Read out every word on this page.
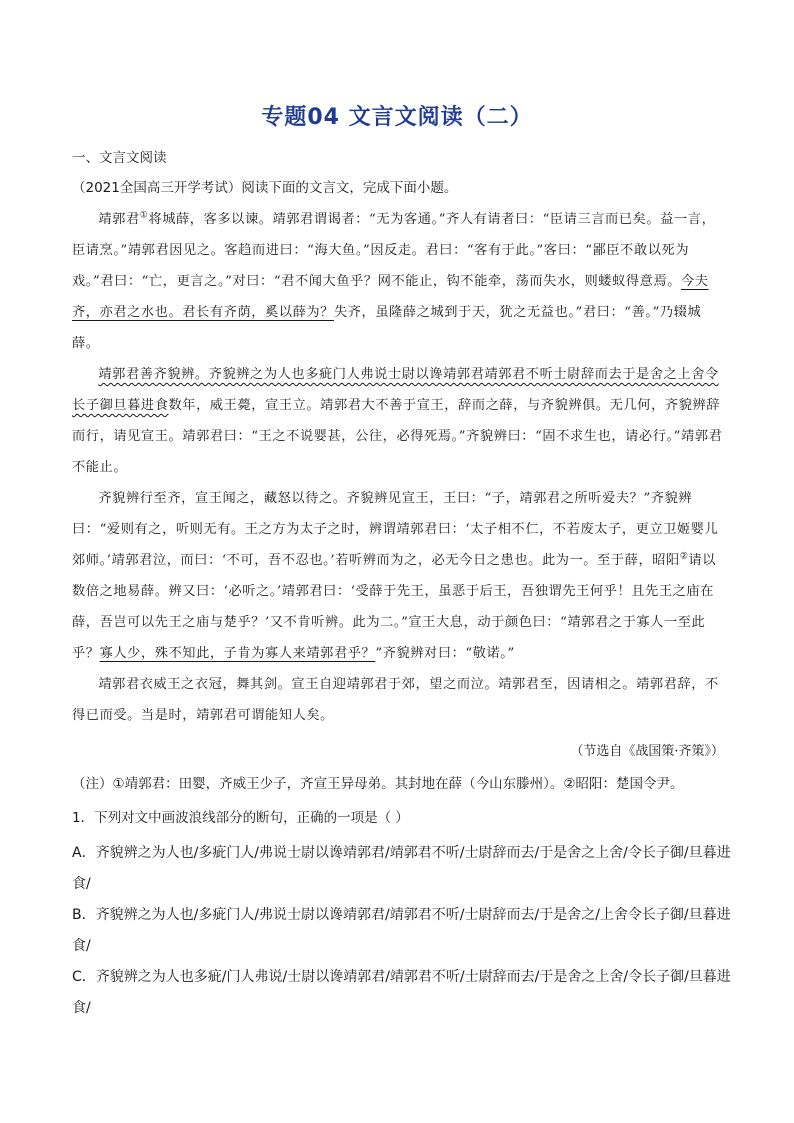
专题04 文言文阅读（二）
一、文言文阅读
（2021全国高三开学考试）阅读下面的文言文，完成下面小题。

靖郭君①将城薛，客多以谏。靖郭君谓谒者：“无为客通。”齐人有请者曰：“臣请三言而已矣。益一言，臣请烹。”靖郭君因见之。客趋而进曰：“海大鱼。”因反走。君曰：“客有于此。”客曰：“鄙臣不敢以死为戏。”君曰：“亡，更言之。”对曰：“君不闻大鱼乎？网不能止，钩不能牵，荡而失水，则蝼蚁得意焉。今夫齐，亦君之水也。君长有齐荫，奚以薛为？失齐，虽隆薛之城到于天，犹之无益也。”君曰：“善。”乃辍城薛。

靖郭君善齐貌辨。齐貌辨之为人也多疵门人弗说士尉以谗靖郭君靖郭君不听士尉辞而去于是舍之上舍令长子御旦暮进食数年，威王薨，宣王立。靖郭君大不善于宣王，辞而之薛，与齐貌辨俱。无几何，齐貌辨辞而行，请见宣王。靖郭君曰：“王之不说婴甚，公往，必得死焉。”齐貌辨曰：“固不求生也，请必行。”靖郭君不能止。

齐貌辨行至齐，宣王闻之，藏怒以待之。齐貌辨见宣王，王曰：“子，靖郭君之所听爱夫？”齐貌辨曰：“爱则有之，听则无有。王之方为太子之时，辨谓靖郭君曰：‘太子相不仁，不若废太子，更立卫姬婴儿郊师。’靖郭君泣，而曰：‘不可，吾不忍也。’若听辨而为之，必无今日之患也。此为一。至于薛，昭阳②请以数倍之地易薛。辨又曰：‘必听之。’靖郭君曰：‘受薛于先王，虽恶于后王，吾独谓先王何乎！且先王之庙在薛，吾岂可以先王之庙与楚乎？’又不肯听辨。此为二。”宣王大息，动于颜色曰：“靖郭君之于寡人一至此乎？寡人少，殊不知此，子肯为寡人来靖郭君乎？”齐貌辨对曰：“敬诺。”

靖郭君衣威王之衣冠，舞其剑。宣王自迎靖郭君于郊，望之而泣。靖郭君至，因请相之。靖郭君辞，不得已而受。当是时，靖郭君可谓能知人矣。

（节选自《战国策·齐策》）
（注）①靖郭君：田婴，齐威王少子，齐宣王异母弟。其封地在薛（今山东滕州）。②昭阳：楚国令尹。
1．下列对文中画波浪线部分的断句，正确的一项是（ ）

A．齐貌辨之为人也/多疵门人/弗说士尉以谗靖郭君/靖郭君不听/士尉辞而去/于是舍之上舍/令长子御/旦暮进食/

B．齐貌辨之为人也/多疵门人/弗说士尉以谗靖郭君/靖郭君不听/士尉辞而去/于是舍之/上舍令长子御/旦暮进食/

C．齐貌辨之为人也多疵/门人弗说/士尉以谗靖郭君/靖郭君不听/士尉辞而去/于是舍之上舍/令长子御/旦暮进食/
